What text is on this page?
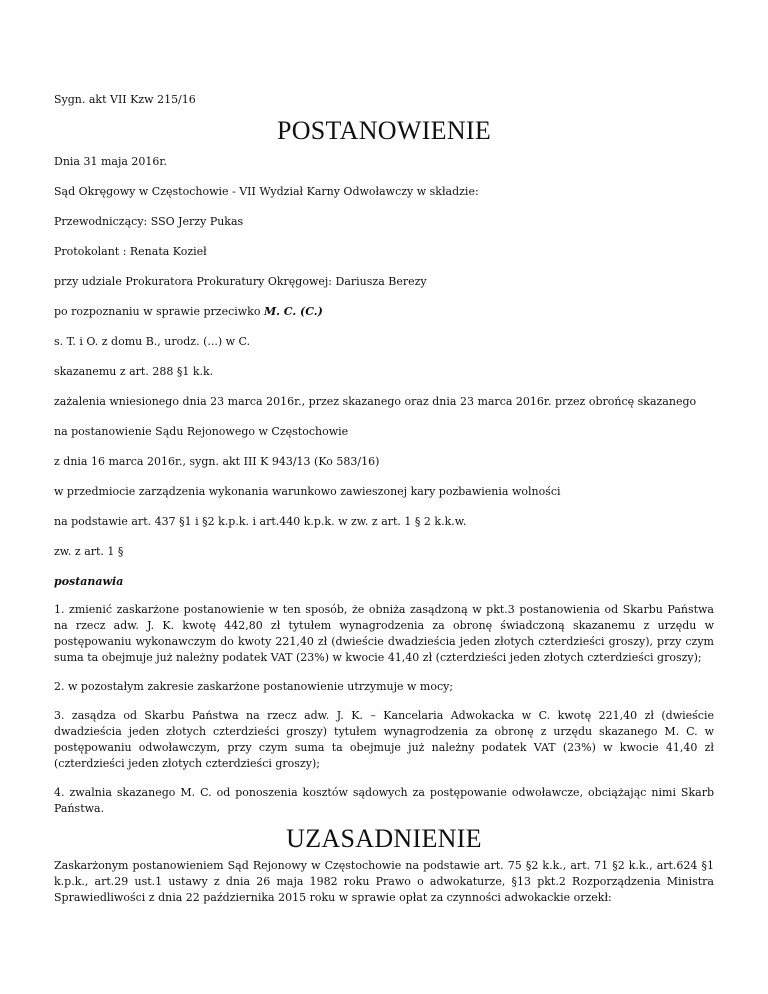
Sygn. akt VII Kzw 215/16
POSTANOWIENIE
Dnia 31 maja 2016r.
Sąd Okręgowy w Częstochowie - VII Wydział Karny Odwoławczy w składzie:
Przewodniczący: SSO Jerzy Pukas
Protokolant : Renata Kozieł
przy udziale Prokuratora Prokuratury Okręgowej: Dariusza Berezy
po rozpoznaniu w sprawie przeciwko M. C. (C.)
s. T. i O. z domu B., urodz. (...) w C.
skazanemu z art. 288 §1 k.k.
zażalenia wniesionego dnia 23 marca 2016r., przez skazanego oraz dnia 23 marca 2016r. przez obrońcę skazanego
na postanowienie Sądu Rejonowego w Częstochowie
z dnia 16 marca 2016r., sygn. akt III K 943/13 (Ko 583/16)
w przedmiocie zarządzenia wykonania warunkowo zawieszonej kary pozbawienia wolności
na podstawie art. 437 §1 i §2 k.p.k. i art.440 k.p.k. w zw. z art. 1 § 2 k.k.w.
zw. z art. 1 §
postanawia
1. zmienić zaskarżone postanowienie w ten sposób, że obniża zasądzoną w pkt.3 postanowienia od Skarbu Państwa na rzecz adw. J. K. kwotę 442,80 zł tytułem wynagrodzenia za obronę świadczoną skazanemu z urzędu w postępowaniu wykonawczym do kwoty 221,40 zł (dwieście dwadzieścia jeden złotych czterdzieści groszy), przy czym suma ta obejmuje już należny podatek VAT (23%) w kwocie 41,40 zł (czterdzieści jeden złotych czterdzieści groszy);
2. w pozostałym zakresie zaskarżone postanowienie utrzymuje w mocy;
3. zasądza od Skarbu Państwa na rzecz adw. J. K. – Kancelaria Adwokacka w C. kwotę 221,40 zł (dwieście dwadzieścia jeden złotych czterdzieści groszy) tytułem wynagrodzenia za obronę z urzędu skazanego M. C. w postępowaniu odwoławczym, przy czym suma ta obejmuje już należny podatek VAT (23%) w kwocie 41,40 zł (czterdzieści jeden złotych czterdzieści groszy);
4. zwalnia skazanego M. C. od ponoszenia kosztów sądowych za postępowanie odwoławcze, obciążając nimi Skarb Państwa.
UZASADNIENIE
Zaskarżonym postanowieniem Sąd Rejonowy w Częstochowie na podstawie art. 75 §2 k.k., art. 71 §2 k.k., art.624 §1 k.p.k., art.29 ust.1 ustawy z dnia 26 maja 1982 roku Prawo o adwokaturze, §13 pkt.2 Rozporządzenia Ministra Sprawiedliwości z dnia 22 października 2015 roku w sprawie opłat za czynności adwokackie orzekł:
